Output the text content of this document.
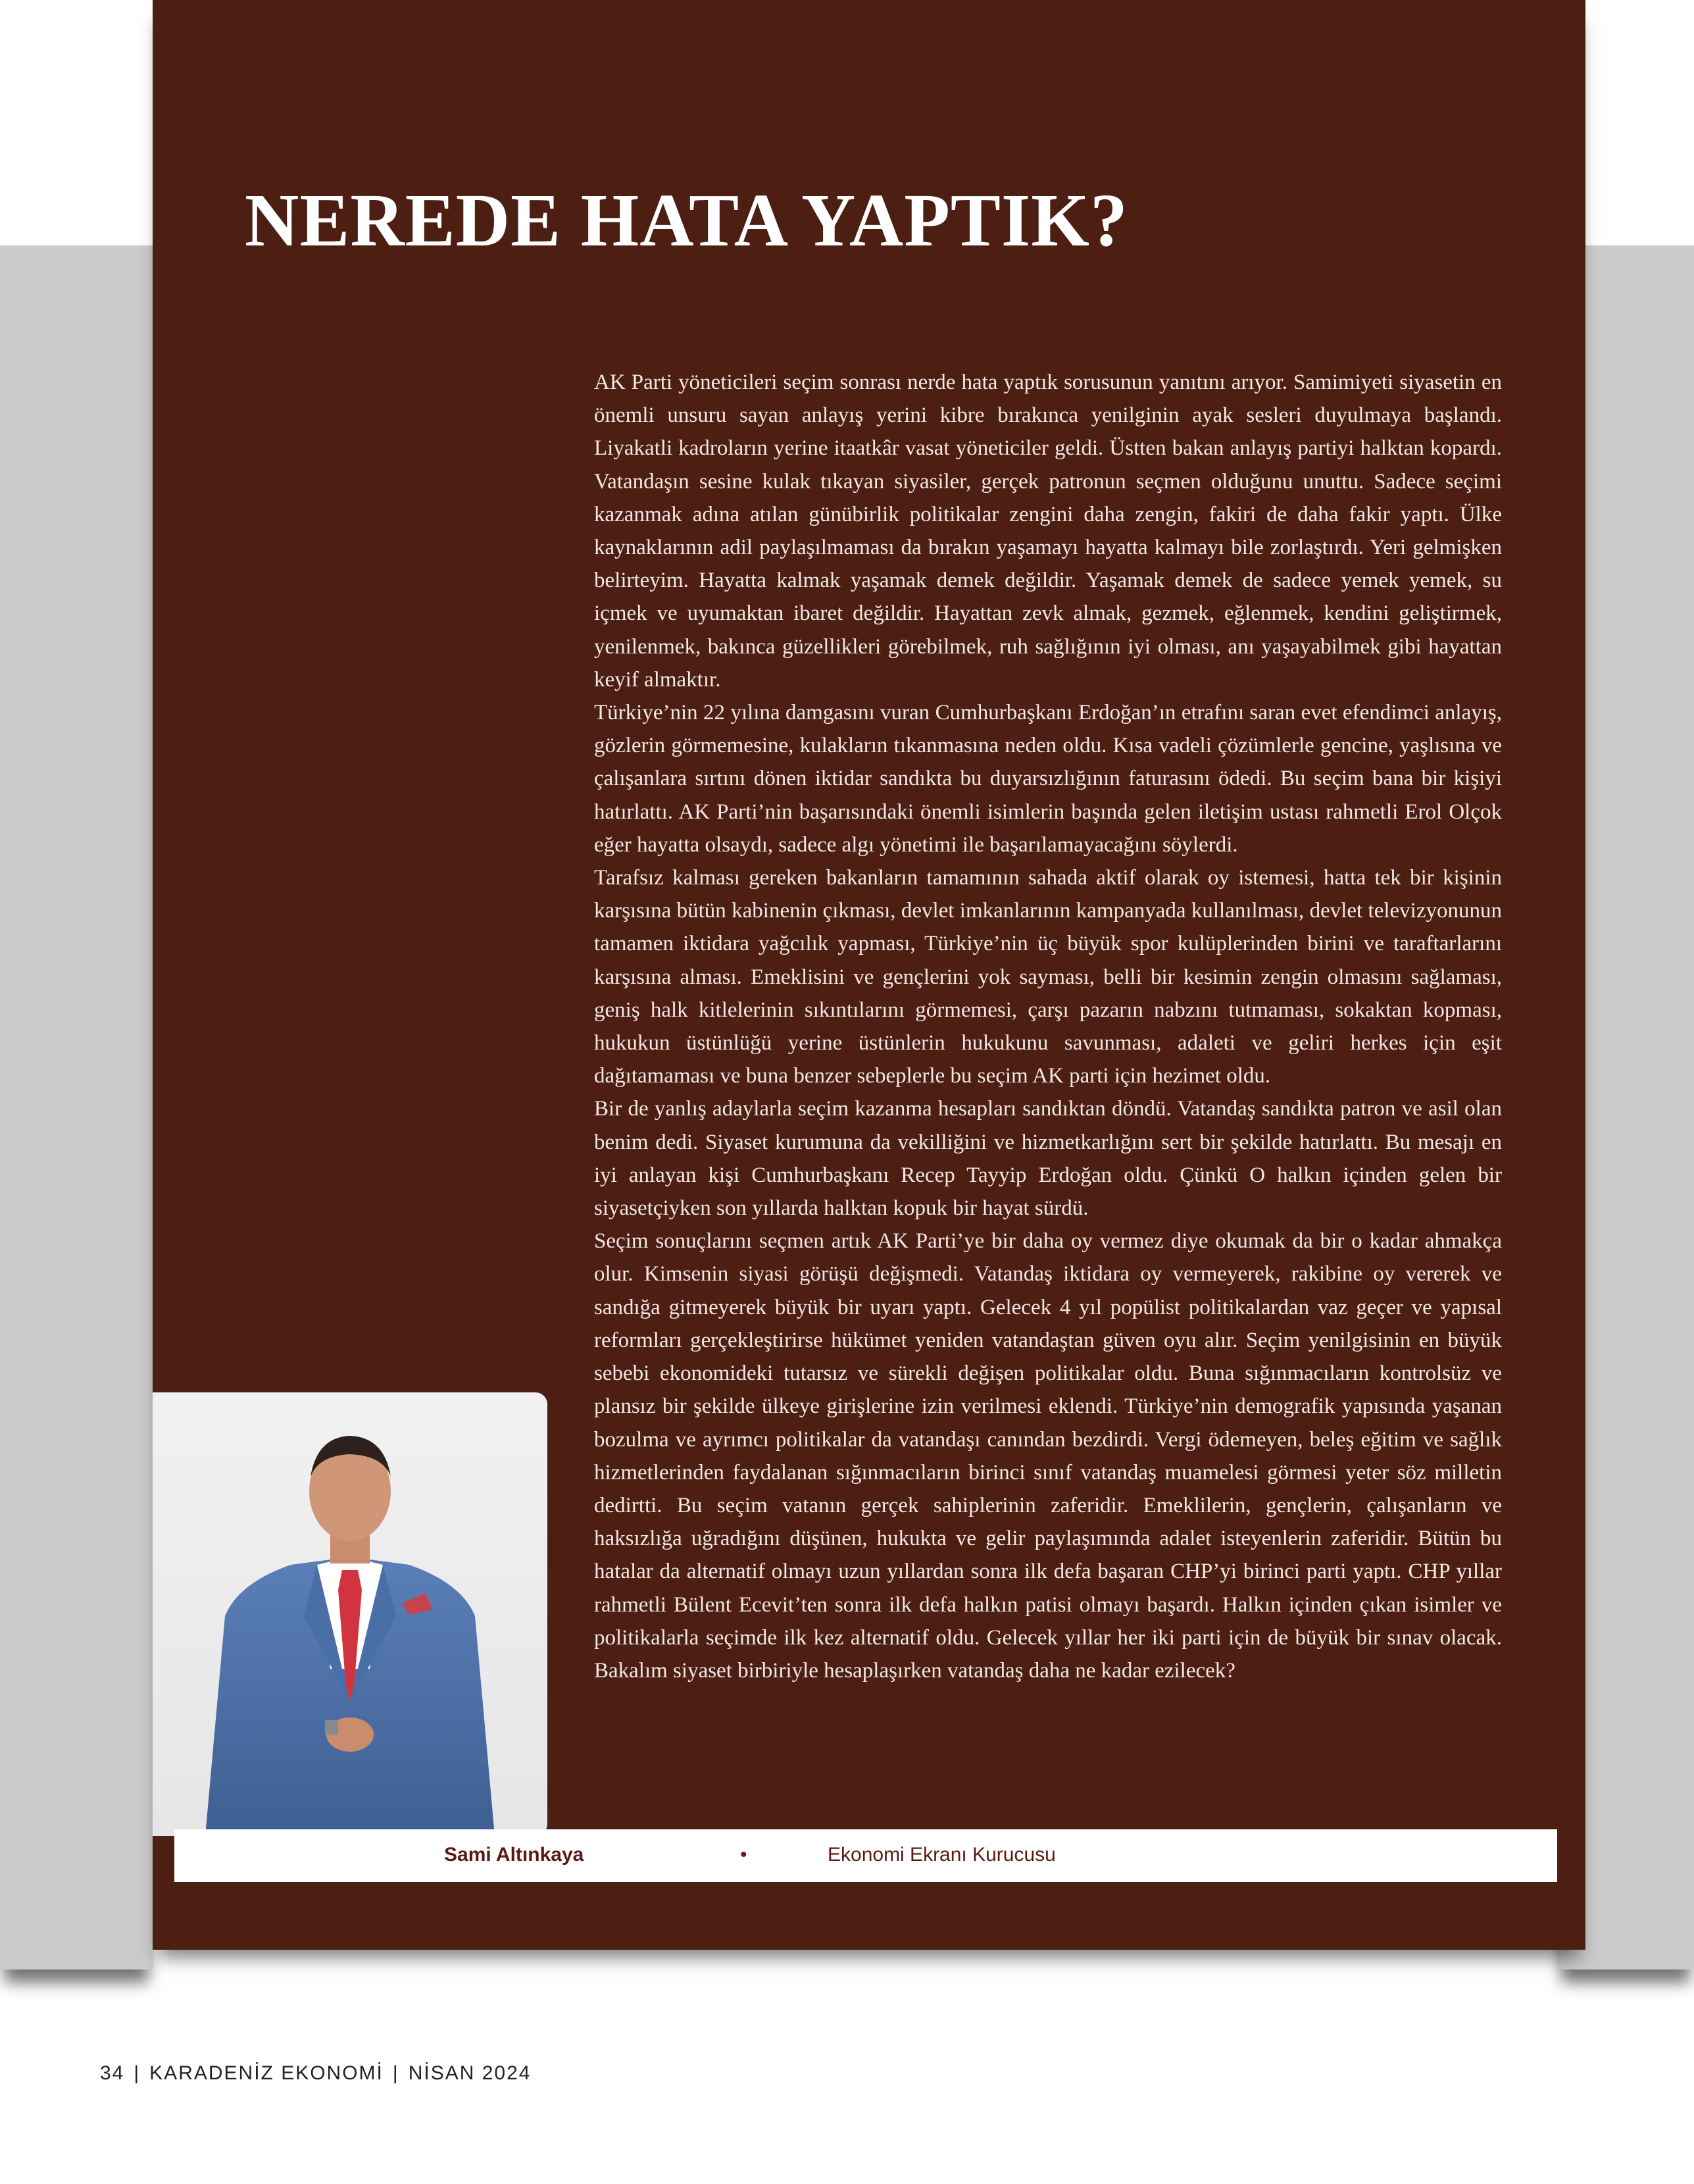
NEREDE HATA YAPTIK?

AK Parti yöneticileri seçim sonrası nerde hata yaptık sorusunun yanıtını arıyor. Samimiyeti siyasetin en önemli unsuru sayan anlayış yerini kibre bırakınca yenilginin ayak sesleri duyulmaya başlandı. Liyakatli kadroların yerine itaatkâr vasat yöneticiler geldi. Üstten bakan anlayış partiyi halktan kopardı. Vatandaşın sesine kulak tıkayan siyasiler, gerçek patronun seçmen olduğunu unuttu. Sadece seçimi kazanmak adına atılan günübirlik politikalar zengini daha zengin, fakiri de daha fakir yaptı. Ülke kaynaklarının adil paylaşılmaması da bırakın yaşamayı hayatta kalmayı bile zorlaştırdı. Yeri gelmişken belirteyim. Hayatta kalmak yaşamak demek değildir. Yaşamak demek de sadece yemek yemek, su içmek ve uyumaktan ibaret değildir. Hayattan zevk almak, gezmek, eğlenmek, kendini geliştirmek, yenilenmek, bakınca güzellikleri görebilmek, ruh sağlığının iyi olması, anı yaşayabilmek gibi hayattan keyif almaktır.

Türkiye’nin 22 yılına damgasını vuran Cumhurbaşkanı Erdoğan’ın etrafını saran evet efendimci anlayış, gözlerin görmemesine, kulakların tıkanmasına neden oldu. Kısa vadeli çözümlerle gencine, yaşlısına ve çalışanlara sırtını dönen iktidar sandıkta bu duyarsızlığının faturasını ödedi. Bu seçim bana bir kişiyi hatırlattı. AK Parti’nin başarısındaki önemli isimlerin başında gelen iletişim ustası rahmetli Erol Olçok eğer hayatta olsaydı, sadece algı yönetimi ile başarılamayacağını söylerdi.

Tarafsız kalması gereken bakanların tamamının sahada aktif olarak oy istemesi, hatta tek bir kişinin karşısına bütün kabinenin çıkması, devlet imkanlarının kampanyada kullanılması, devlet televizyonunun tamamen iktidara yağcılık yapması, Türkiye’nin üç büyük spor kulüplerinden birini ve taraftarlarını karşısına alması. Emeklisini ve gençlerini yok sayması, belli bir kesimin zengin olmasını sağlaması, geniş halk kitlelerinin sıkıntılarını görmemesi, çarşı pazarın nabzını tutmaması, sokaktan kopması, hukukun üstünlüğü yerine üstünlerin hukukunu savunması, adaleti ve geliri herkes için eşit dağıtamaması ve buna benzer sebeplerle bu seçim AK parti için hezimet oldu.

Bir de yanlış adaylarla seçim kazanma hesapları sandıktan döndü. Vatandaş sandıkta patron ve asil olan benim dedi. Siyaset kurumuna da vekilliğini ve hizmetkarlığını sert bir şekilde hatırlattı. Bu mesajı en iyi anlayan kişi Cumhurbaşkanı Recep Tayyip Erdoğan oldu. Çünkü O halkın içinden gelen bir siyasetçiyken son yıllarda halktan kopuk bir hayat sürdü.

Seçim sonuçlarını seçmen artık AK Parti’ye bir daha oy vermez diye okumak da bir o kadar ahmakça olur. Kimsenin siyasi görüşü değişmedi. Vatandaş iktidara oy vermeyerek, rakibine oy vererek ve sandığa gitmeyerek büyük bir uyarı yaptı. Gelecek 4 yıl popülist politikalardan vaz geçer ve yapısal reformları gerçekleştirirse hükümet yeniden vatandaştan güven oyu alır. Seçim yenilgisinin en büyük sebebi ekonomideki tutarsız ve sürekli değişen politikalar oldu. Buna sığınmacıların kontrolsüz ve plansız bir şekilde ülkeye girişlerine izin verilmesi eklendi. Türkiye’nin demografik yapısında yaşanan bozulma ve ayrımcı politikalar da vatandaşı canından bezdirdi. Vergi ödemeyen, beleş eğitim ve sağlık hizmetlerinden faydalanan sığınmacıların birinci sınıf vatandaş muamelesi görmesi yeter söz milletin dedirtti. Bu seçim vatanın gerçek sahiplerinin zaferidir. Emeklilerin, gençlerin, çalışanların ve haksızlığa uğradığını düşünen, hukukta ve gelir paylaşımında adalet isteyenlerin zaferidir. Bütün bu hatalar da alternatif olmayı uzun yıllardan sonra ilk defa başaran CHP’yi birinci parti yaptı. CHP yıllar rahmetli Bülent Ecevit’ten sonra ilk defa halkın patisi olmayı başardı. Halkın içinden çıkan isimler ve politikalarla seçimde ilk kez alternatif oldu. Gelecek yıllar her iki parti için de büyük bir sınav olacak. Bakalım siyaset birbiriyle hesaplaşırken vatandaş daha ne kadar ezilecek?

Sami Altınkaya	•	Ekonomi Ekranı Kurucusu
34 | KARADENİZ EKONOMİ | NİSAN 2024
